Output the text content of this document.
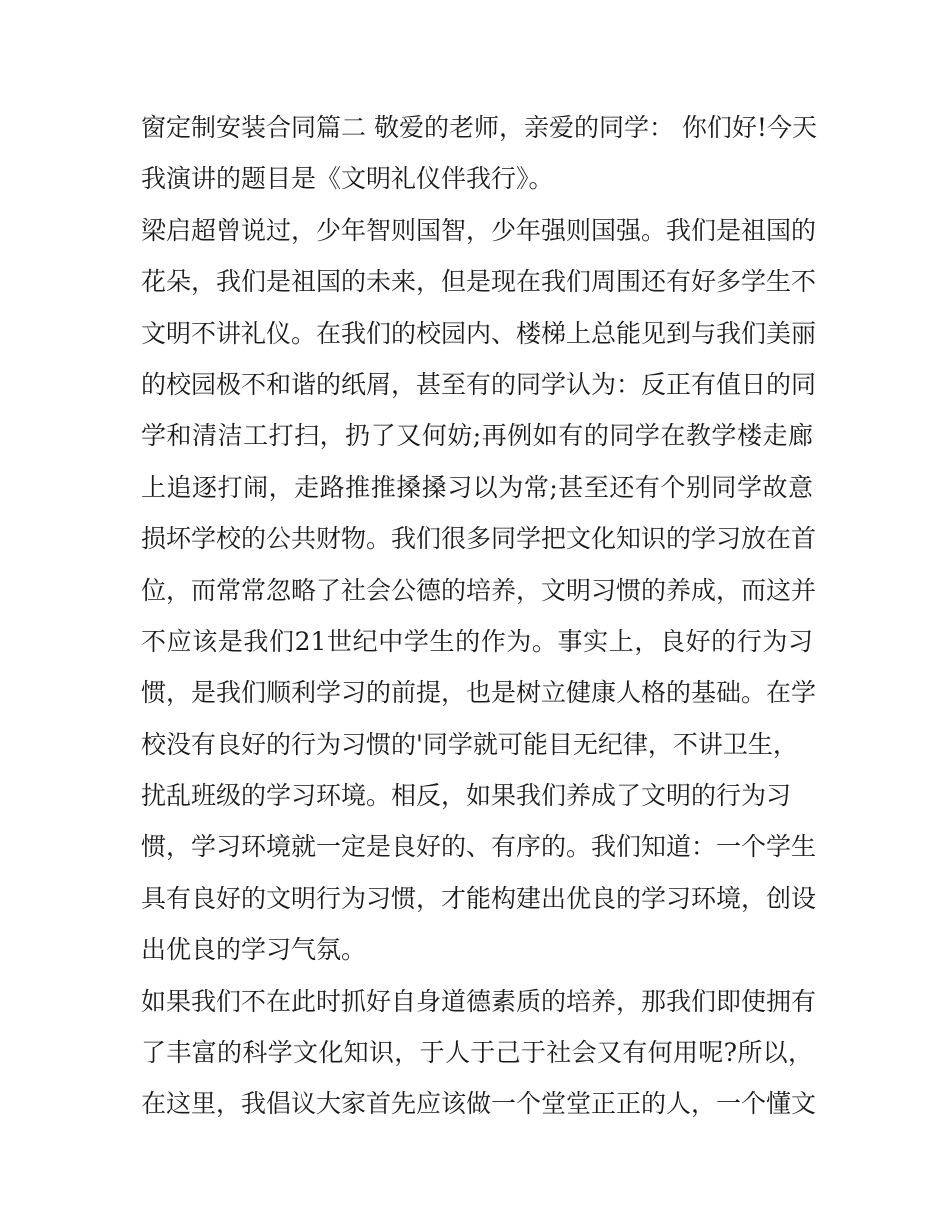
窗定制安装合同篇二 敬爱的老师，亲爱的同学： 你们好!今天
我演讲的题目是《文明礼仪伴我行》。
梁启超曾说过，少年智则国智，少年强则国强。我们是祖国的
花朵，我们是祖国的未来，但是现在我们周围还有好多学生不
文明不讲礼仪。在我们的校园内、楼梯上总能见到与我们美丽
的校园极不和谐的纸屑，甚至有的同学认为：反正有值日的同
学和清洁工打扫，扔了又何妨;再例如有的同学在教学楼走廊
上追逐打闹，走路推推搡搡习以为常;甚至还有个别同学故意
损坏学校的公共财物。我们很多同学把文化知识的学习放在首
位，而常常忽略了社会公德的培养，文明习惯的养成，而这并
不应该是我们21世纪中学生的作为。事实上，良好的行为习
惯，是我们顺利学习的前提，也是树立健康人格的基础。在学
校没有良好的行为习惯的'同学就可能目无纪律，不讲卫生，
扰乱班级的学习环境。相反，如果我们养成了文明的行为习
惯，学习环境就一定是良好的、有序的。我们知道：一个学生
具有良好的文明行为习惯，才能构建出优良的学习环境，创设
出优良的学习气氛。
如果我们不在此时抓好自身道德素质的培养，那我们即使拥有
了丰富的科学文化知识，于人于己于社会又有何用呢?所以，
在这里，我倡议大家首先应该做一个堂堂正正的人，一个懂文
